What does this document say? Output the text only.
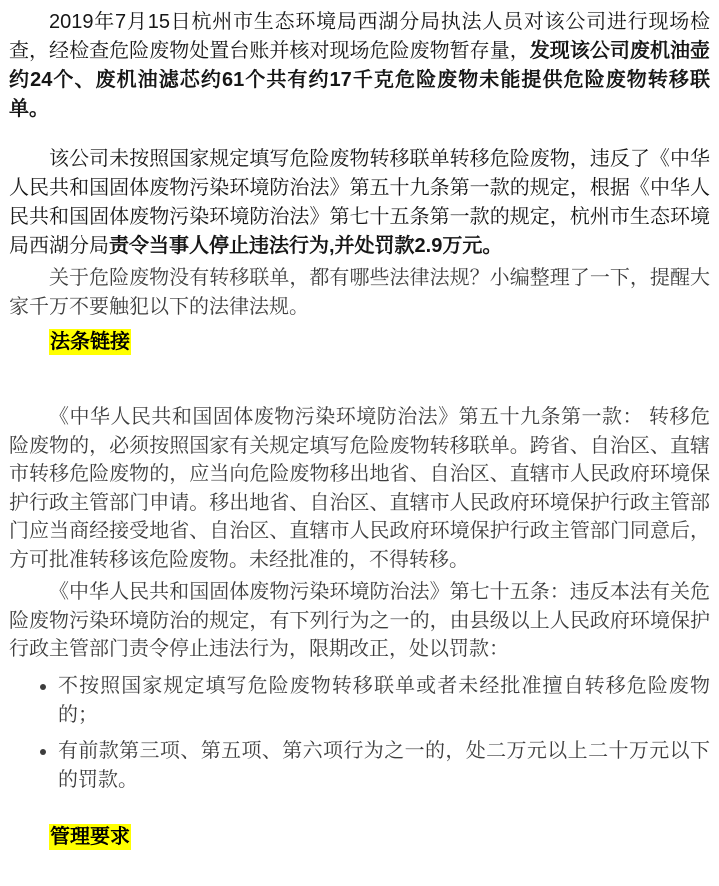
2019年7月15日杭州市生态环境局西湖分局执法人员对该公司进行现场检查，经检查危险废物处置台账并核对现场危险废物暂存量，发现该公司废机油壶约24个、废机油滤芯约61个共有约17千克危险废物未能提供危险废物转移联单。

该公司未按照国家规定填写危险废物转移联单转移危险废物，违反了《中华人民共和国固体废物污染环境防治法》第五十九条第一款的规定，根据《中华人民共和国固体废物污染环境防治法》第七十五条第一款的规定，杭州市生态环境局西湖分局责令当事人停止违法行为,并处罚款2.9万元。

关于危险废物没有转移联单，都有哪些法律法规？小编整理了一下，提醒大家千万不要触犯以下的法律法规。

法条链接

《中华人民共和国固体废物污染环境防治法》第五十九条第一款： 转移危险废物的，必须按照国家有关规定填写危险废物转移联单。跨省、自治区、直辖市转移危险废物的，应当向危险废物移出地省、自治区、直辖市人民政府环境保护行政主管部门申请。移出地省、自治区、直辖市人民政府环境保护行政主管部门应当商经接受地省、自治区、直辖市人民政府环境保护行政主管部门同意后，方可批准转移该危险废物。未经批准的，不得转移。

《中华人民共和国固体废物污染环境防治法》第七十五条：违反本法有关危险废物污染环境防治的规定，有下列行为之一的，由县级以上人民政府环境保护行政主管部门责令停止违法行为，限期改正，处以罚款：

• 不按照国家规定填写危险废物转移联单或者未经批准擅自转移危险废物的；
• 有前款第三项、第五项、第六项行为之一的，处二万元以上二十万元以下的罚款。

管理要求
